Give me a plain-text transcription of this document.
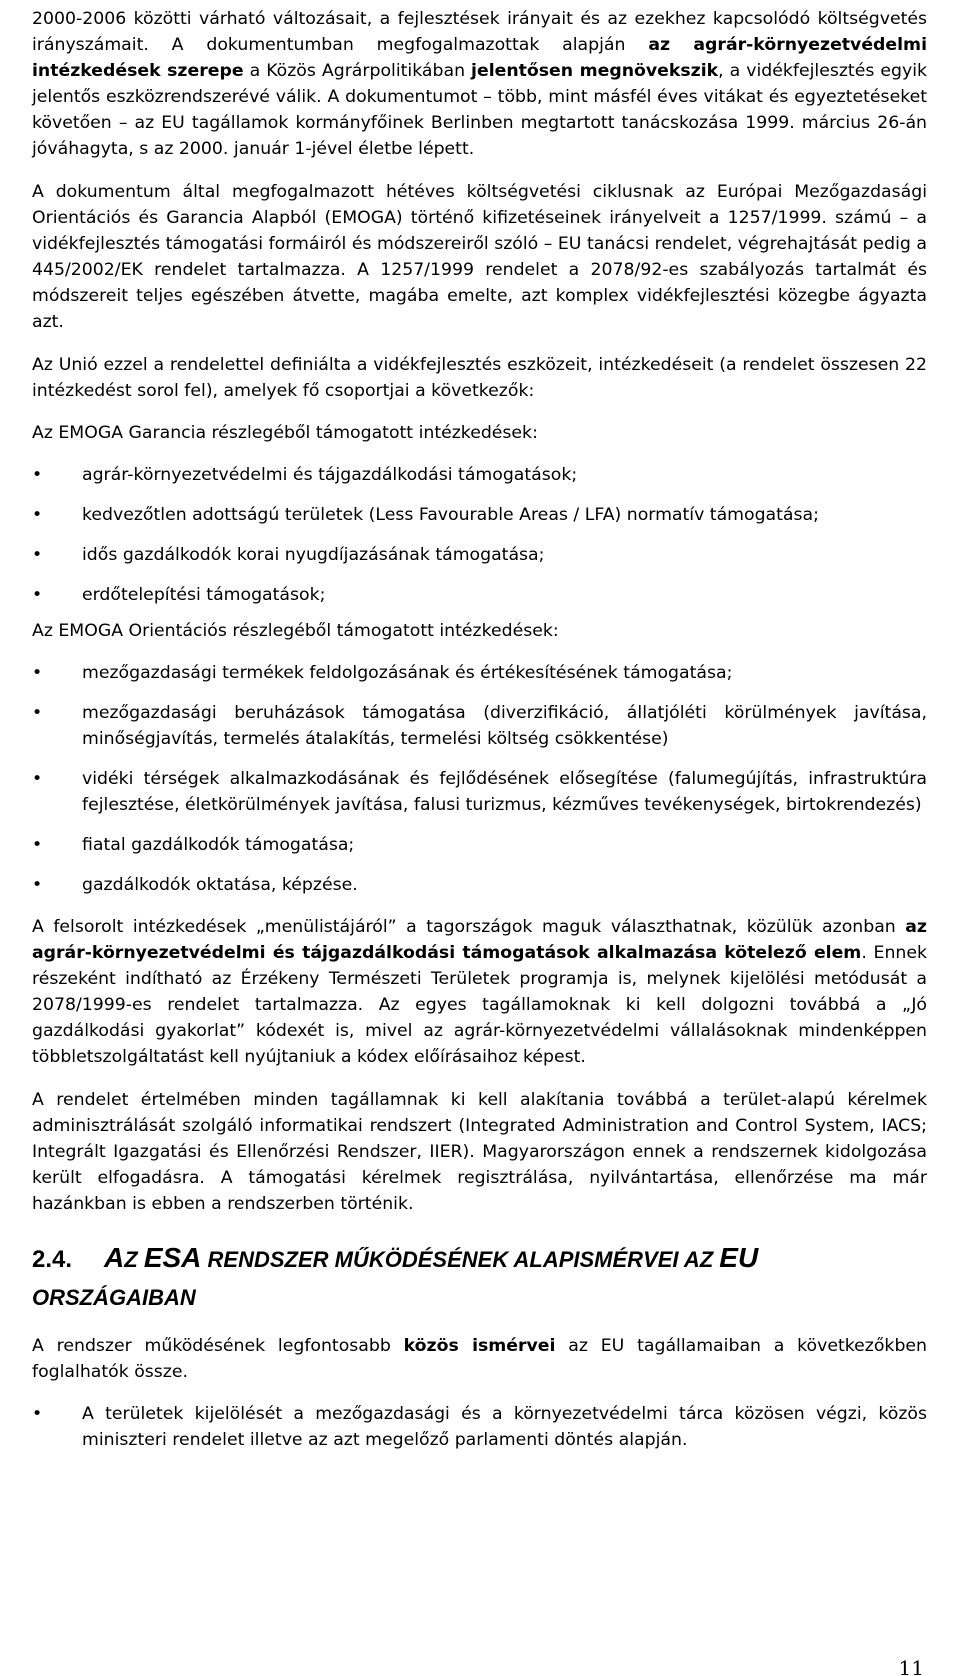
2000-2006 közötti várható változásait, a fejlesztések irányait és az ezekhez kapcsolódó költségvetés irányszámait. A dokumentumban megfogalmazottak alapján az agrár-környezetvédelmi intézkedések szerepe a Közös Agrárpolitikában jelentősen megnövekszik, a vidékfejlesztés egyik jelentős eszközrendszerévé válik. A dokumentumot – több, mint másfél éves vitákat és egyeztetéseket követően – az EU tagállamok kormányfőinek Berlinben megtartott tanácskozása 1999. március 26-án jóváhagyta, s az 2000. január 1-jével életbe lépett.

A dokumentum által megfogalmazott hétéves költségvetési ciklusnak az Európai Mezőgazdasági Orientációs és Garancia Alapból (EMOGA) történő kifizetéseinek irányelveit a 1257/1999. számú – a vidékfejlesztés támogatási formáiról és módszereiről szóló – EU tanácsi rendelet, végrehajtását pedig a 445/2002/EK rendelet tartalmazza. A 1257/1999 rendelet a 2078/92-es szabályozás tartalmát és módszereit teljes egészében átvette, magába emelte, azt komplex vidékfejlesztési közegbe ágyazta azt.

Az Unió ezzel a rendelettel definiálta a vidékfejlesztés eszközeit, intézkedéseit (a rendelet összesen 22 intézkedést sorol fel), amelyek fő csoportjai a következők:

Az EMOGA Garancia részlegéből támogatott intézkedések:

• agrár-környezetvédelmi és tájgazdálkodási támogatások;
• kedvezőtlen adottságú területek (Less Favourable Areas / LFA) normatív támogatása;
• idős gazdálkodók korai nyugdíjazásának támogatása;
• erdőtelepítési támogatások;

Az EMOGA Orientációs részlegéből támogatott intézkedések:

• mezőgazdasági termékek feldolgozásának és értékesítésének támogatása;
• mezőgazdasági beruházások támogatása (diverzifikáció, állatjóléti körülmények javítása, minőségjavítás, termelés átalakítás, termelési költség csökkentése)
• vidéki térségek alkalmazkodásának és fejlődésének elősegítése (falumegújítás, infrastruktúra fejlesztése, életkörülmények javítása, falusi turizmus, kézműves tevékenységek, birtokrendezés)
• fiatal gazdálkodók támogatása;
• gazdálkodók oktatása, képzése.

A felsorolt intézkedések „menülistájáról” a tagországok maguk választhatnak, közülük azonban az agrár-környezetvédelmi és tájgazdálkodási támogatások alkalmazása kötelező elem. Ennek részeként indítható az Érzékeny Természeti Területek programja is, melynek kijelölési metódusát a 2078/1999-es rendelet tartalmazza. Az egyes tagállamoknak ki kell dolgozni továbbá a „Jó gazdálkodási gyakorlat” kódexét is, mivel az agrár-környezetvédelmi vállalásoknak mindenképpen többletszolgáltatást kell nyújtaniuk a kódex előírásaihoz képest.

A rendelet értelmében minden tagállamnak ki kell alakítania továbbá a terület-alapú kérelmek adminisztrálását szolgáló informatikai rendszert (Integrated Administration and Control System, IACS; Integrált Igazgatási és Ellenőrzési Rendszer, IIER). Magyarországon ennek a rendszernek kidolgozása került elfogadásra. A támogatási kérelmek regisztrálása, nyilvántartása, ellenőrzése ma már hazánkban is ebben a rendszerben történik.

2.4. AZ ESA RENDSZER MŰKÖDÉSÉNEK ALAPISMÉRVEI AZ EU
ORSZÁGAIBAN

A rendszer működésének legfontosabb közös ismérvei az EU tagállamaiban a következőkben foglalhatók össze.

• A területek kijelölését a mezőgazdasági és a környezetvédelmi tárca közösen végzi, közös miniszteri rendelet illetve az azt megelőző parlamenti döntés alapján.
11
